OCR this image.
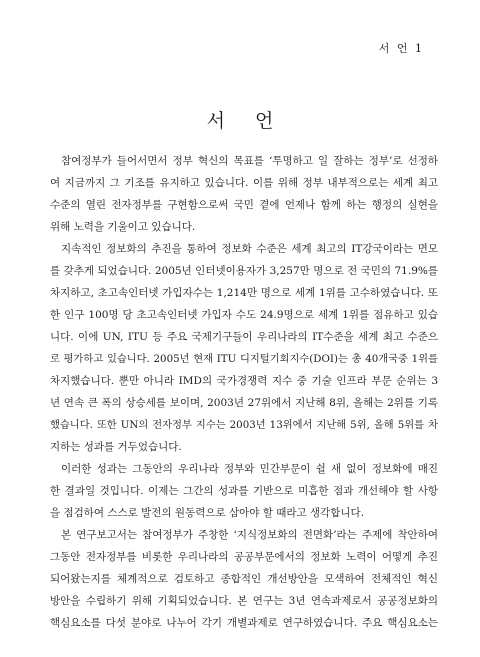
서 언 1
서 언
참여정부가 들어서면서 정부 혁신의 목표를 ‘투명하고 일 잘하는 정부’로 선정하
여 지금까지 그 기조를 유지하고 있습니다. 이를 위해 정부 내부적으로는 세계 최고
수준의 열린 전자정부를 구현함으로써 국민 곁에 언제나 함께 하는 행정의 실현을
위해 노력을 기울이고 있습니다.
지속적인 정보화의 추진을 통하여 정보화 수준은 세계 최고의 IT강국이라는 면모
를 갖추게 되었습니다. 2005년 인터넷이용자가 3,257만 명으로 전 국민의 71.9%를
차지하고, 초고속인터넷 가입자수는 1,214만 명으로 세계 1위를 고수하였습니다. 또
한 인구 100명 당 초고속인터넷 가입자 수도 24.9명으로 세계 1위를 점유하고 있습
니다. 이에 UN, ITU 등 주요 국제기구들이 우리나라의 IT수준을 세계 최고 수준으
로 평가하고 있습니다. 2005년 현재 ITU 디지털기회지수(DOI)는 총 40개국중 1위를
차지했습니다. 뿐만 아니라 IMD의 국가경쟁력 지수 중 기술 인프라 부문 순위는 3
년 연속 큰 폭의 상승세를 보이며, 2003년 27위에서 지난해 8위, 올해는 2위를 기록
했습니다. 또한 UN의 전자정부 지수는 2003년 13위에서 지난해 5위, 올해 5위를 차
지하는 성과를 거두었습니다.
이러한 성과는 그동안의 우리나라 정부와 민간부문이 쉴 새 없이 정보화에 매진
한 결과일 것입니다. 이제는 그간의 성과를 기반으로 미흡한 점과 개선해야 할 사항
을 점검하여 스스로 발전의 원동력으로 삼아야 할 때라고 생각합니다.
본 연구보고서는 참여정부가 주창한 ‘지식정보화의 전면화’라는 주제에 착안하여
그동안 전자정부를 비롯한 우리나라의 공공부문에서의 정보화 노력이 어떻게 추진
되어왔는지를 체계적으로 검토하고 종합적인 개선방안을 모색하여 전체적인 혁신
방안을 수립하기 위해 기획되었습니다. 본 연구는 3년 연속과제로서 공공정보화의
핵심요소를 다섯 분야로 나누어 각기 개별과제로 연구하였습니다. 주요 핵심요소는
